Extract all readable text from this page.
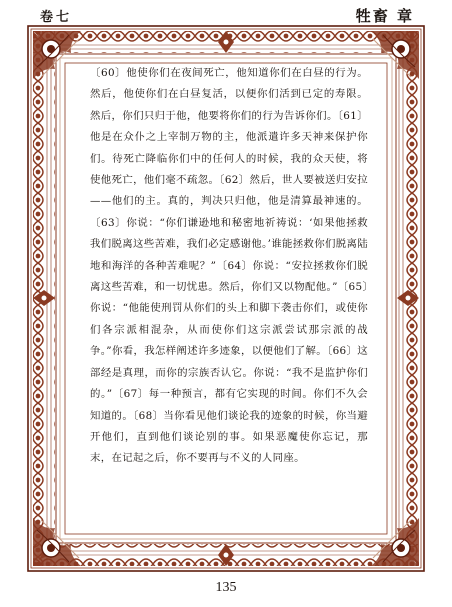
卷七	牲畜 章

〔60〕他使你们在夜间死亡，他知道你们在白昼的行为。然后，他使你们在白昼复活，以便你们活到已定的寿限。然后，你们只归于他，他要将你们的行为告诉你们。〔61〕他是在众仆之上宰制万物的主，他派遣许多天神来保护你们。待死亡降临你们中的任何人的时候，我的众天使，将使他死亡，他们毫不疏忽。〔62〕然后，世人要被送归安拉——他们的主。真的，判决只归他，他是清算最神速的。〔63〕你说：“你们谦逊地和秘密地祈祷说：‘如果他拯救我们脱离这些苦难，我们必定感谢他。’谁能拯救你们脱离陆地和海洋的各种苦难呢？”〔64〕你说：“安拉拯救你们脱离这些苦难，和一切忧患。然后，你们又以物配他。”〔65〕你说：“他能使刑罚从你们的头上和脚下袭击你们，或使你们各宗派相混杂，从而使你们这宗派尝试那宗派的战争。”你看，我怎样阐述许多迹象，以便他们了解。〔66〕这部经是真理，而你的宗族否认它。你说：“我不是监护你们的。”〔67〕每一种预言，都有它实现的时间。你们不久会知道的。〔68〕当你看见他们谈论我的迹象的时候，你当避开他们，直到他们谈论别的事。如果恶魔使你忘记，那末，在记起之后，你不要再与不义的人同座。

135
